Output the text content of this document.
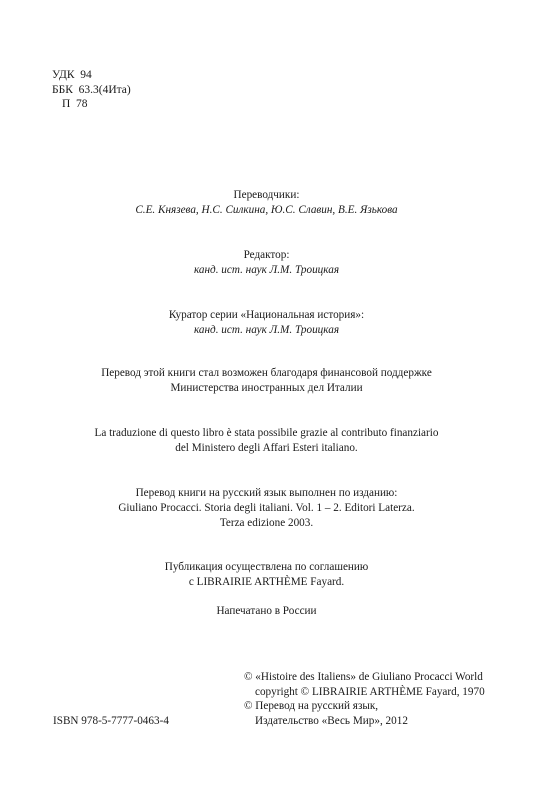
УДК  94
ББК  63.3(4Ита)
П  78
Переводчики:
С.Е. Князева, Н.С. Силкина, Ю.С. Славин, В.Е. Язькова
Редактор:
канд. ист. наук Л.М. Троицкая
Куратор серии «Национальная история»:
канд. ист. наук Л.М. Троицкая
Перевод этой книги стал возможен благодаря финансовой поддержке
Министерства иностранных дел Италии
La traduzione di questo libro è stata possibile grazie al contributo finanziario
del Ministero degli Affari Esteri italiano.
Перевод книги на русский язык выполнен по изданию:
Giuliano Procacci. Storia degli italiani. Vol. 1 – 2. Editori Laterza.
Terza edizione 2003.
Публикация осуществлена по соглашению
с LIBRAIRIE ARTHÈME Fayard.
Напечатано в России
© «Histoire des Italiens» de Giuliano Procacci World
copyright © LIBRAIRIE ARTHÈME Fayard, 1970
© Перевод на русский язык,
Издательство «Весь Мир», 2012
ISBN 978-5-7777-0463-4
